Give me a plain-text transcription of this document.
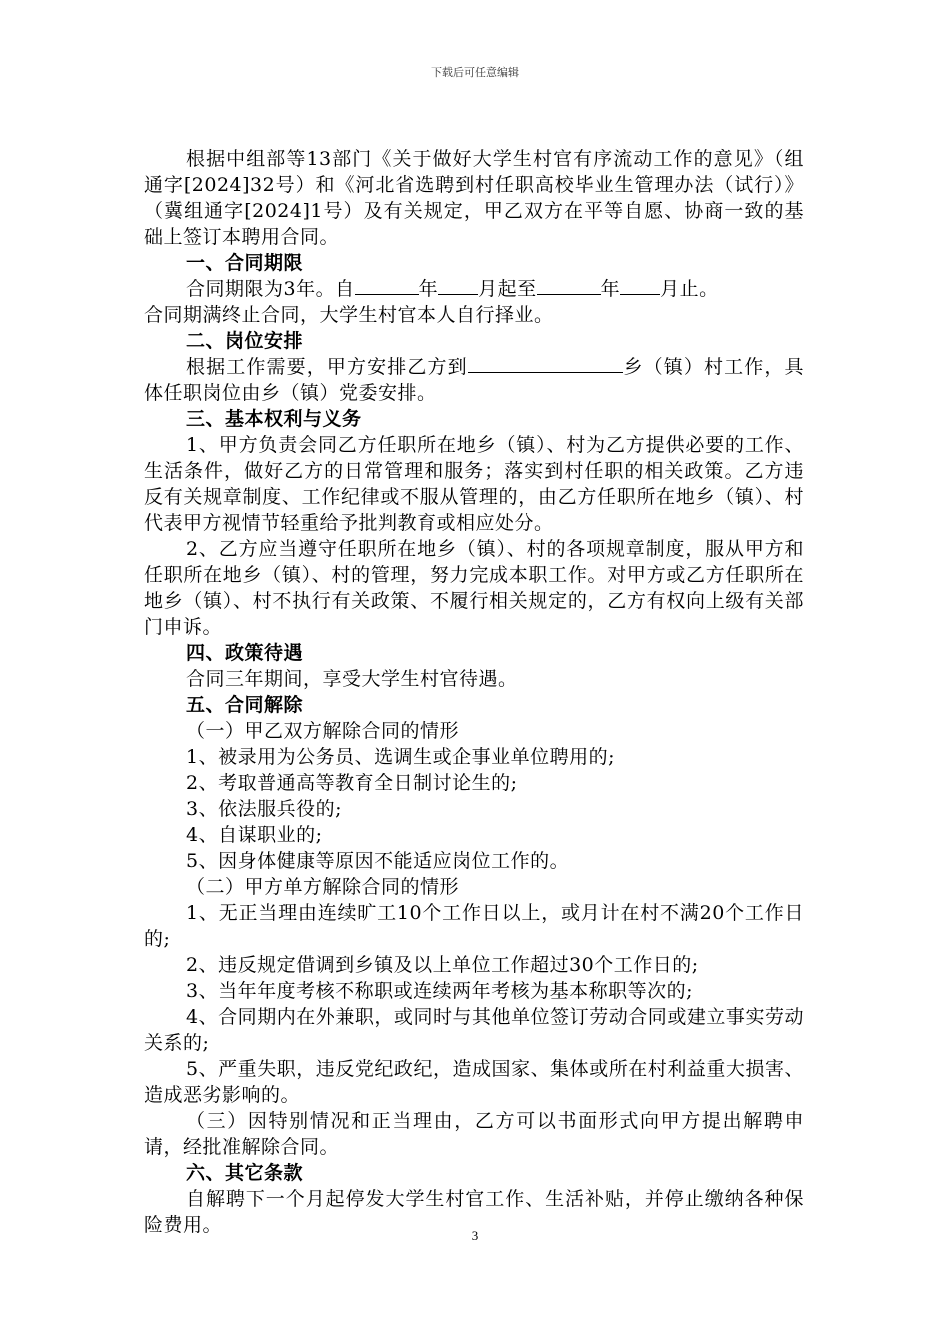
下载后可任意编辑

根据中组部等13部门《关于做好大学生村官有序流动工作的意见》（组通字[2024]32号）和《河北省选聘到村任职高校毕业生管理办法（试行）》（冀组通字[2024]1号）及有关规定，甲乙双方在平等自愿、协商一致的基础上签订本聘用合同。

一、合同期限

合同期限为3年。自	年 月起至	年 月止。

合同期满终止合同，大学生村官本人自行择业。

二、岗位安排

根据工作需要，甲方安排乙方到	乡（镇）村工作，具体任职岗位由乡（镇）党委安排。

三、基本权利与义务

1、甲方负责会同乙方任职所在地乡（镇）、村为乙方提供必要的工作、生活条件，做好乙方的日常管理和服务；落实到村任职的相关政策。乙方违反有关规章制度、工作纪律或不服从管理的，由乙方任职所在地乡（镇）、村代表甲方视情节轻重给予批判教育或相应处分。

2、乙方应当遵守任职所在地乡（镇）、村的各项规章制度，服从甲方和任职所在地乡（镇）、村的管理，努力完成本职工作。对甲方或乙方任职所在地乡（镇）、村不执行有关政策、不履行相关规定的，乙方有权向上级有关部门申诉。

四、政策待遇

合同三年期间，享受大学生村官待遇。

五、合同解除

（一）甲乙双方解除合同的情形

1、被录用为公务员、选调生或企事业单位聘用的;

2、考取普通高等教育全日制讨论生的;

3、依法服兵役的;

4、自谋职业的;

5、因身体健康等原因不能适应岗位工作的。

（二）甲方单方解除合同的情形

1、无正当理由连续旷工10个工作日以上，或月计在村不满20个工作日的;

2、违反规定借调到乡镇及以上单位工作超过30个工作日的;

3、当年年度考核不称职或连续两年考核为基本称职等次的;

4、合同期内在外兼职，或同时与其他单位签订劳动合同或建立事实劳动关系的;

5、严重失职，违反党纪政纪，造成国家、集体或所在村利益重大损害、造成恶劣影响的。

（三）因特别情况和正当理由，乙方可以书面形式向甲方提出解聘申请，经批准解除合同。

六、其它条款

自解聘下一个月起停发大学生村官工作、生活补贴，并停止缴纳各种保险费用。	3
